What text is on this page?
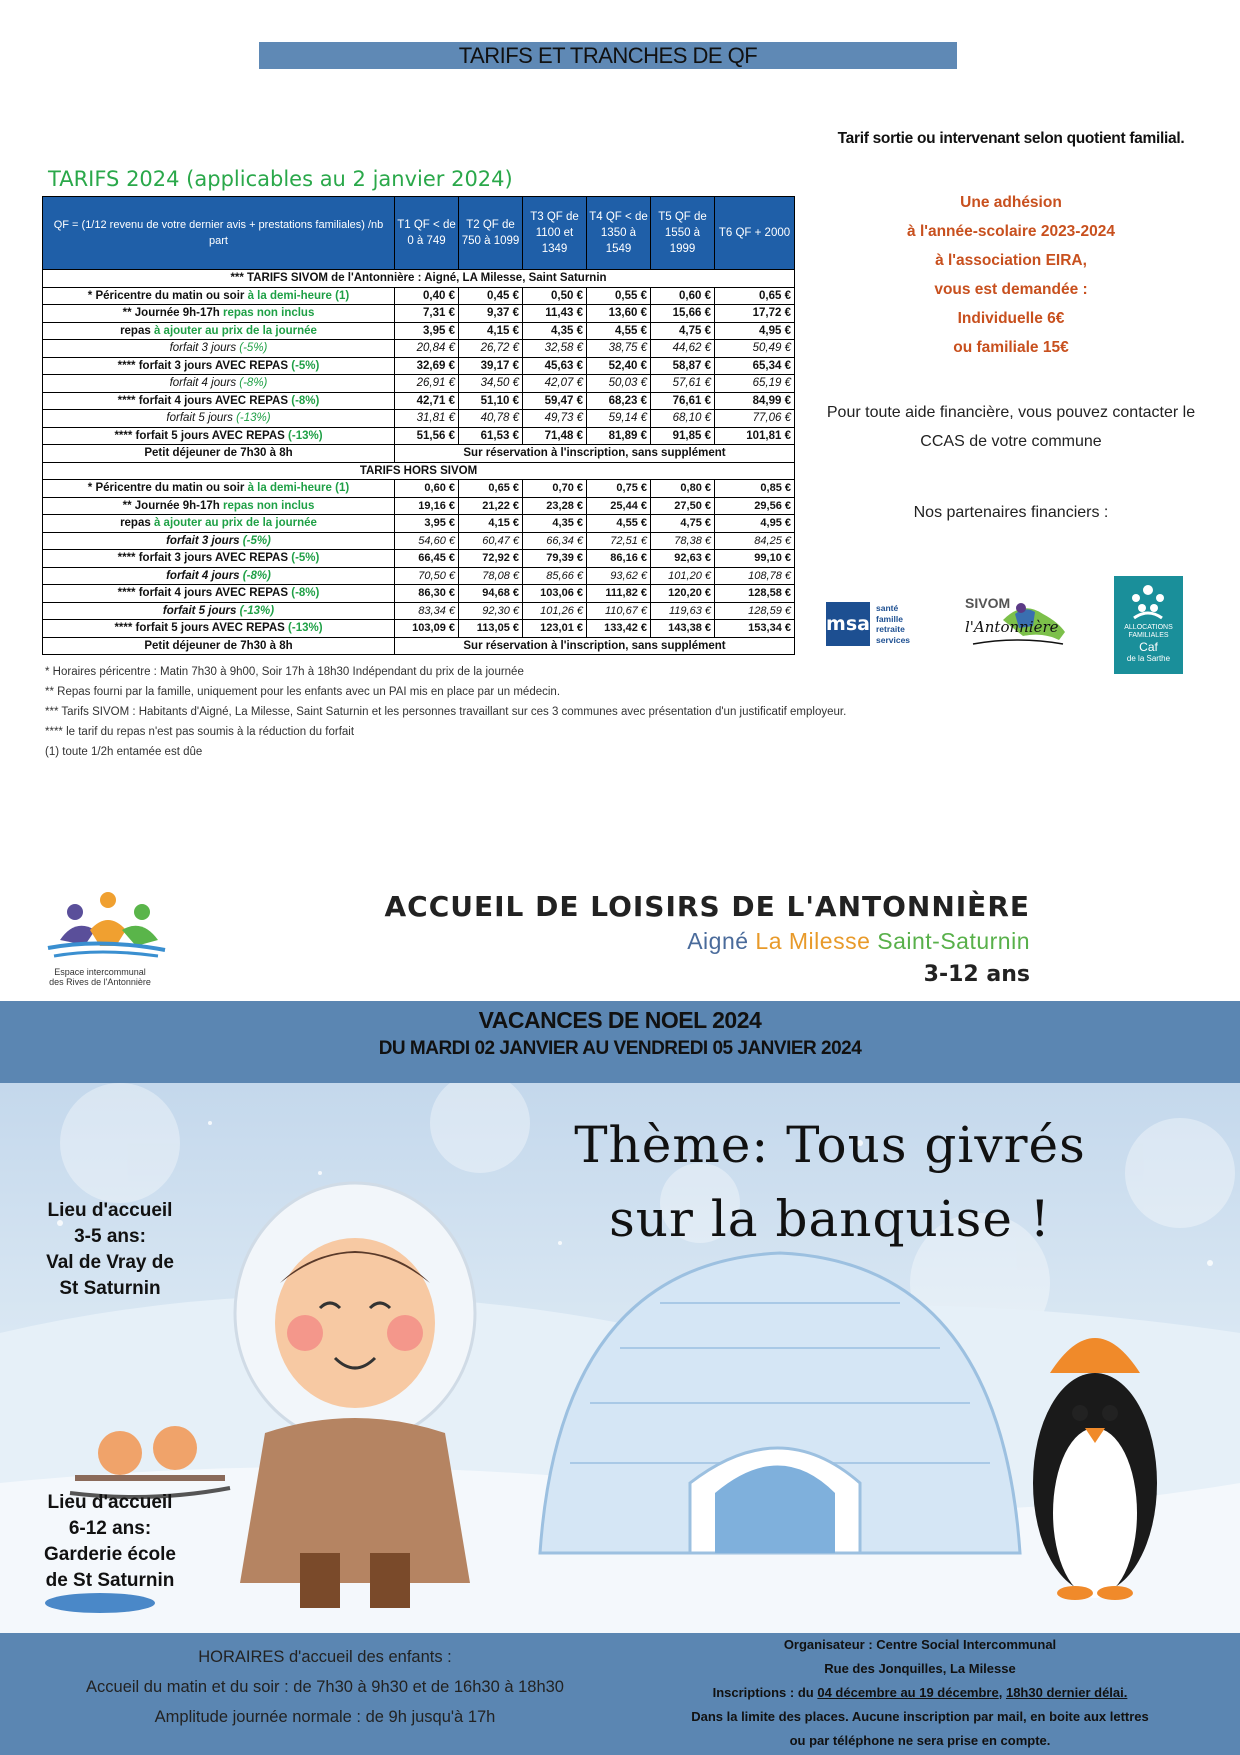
TARIFS ET TRANCHES DE QF
TARIFS 2024 (applicables au 2 janvier 2024)
QF = (1/12 revenu de votre dernier avis + prestations familiales) /nb part	T1 QF < de 0 à 749	T2 QF de 750 à 1099	T3 QF de 1100 et 1349	T4 QF < de 1350 à 1549	T5 QF de 1550 à 1999	T6 QF + 2000
*** TARIFS SIVOM de l'Antonnière : Aigné, LA Milesse, Saint Saturnin						
* Péricentre du matin ou soir à la demi-heure (1)	0,40 €	0,45 €	0,50 €	0,55 €	0,60 €	0,65 €
** Journée 9h-17h repas non inclus	7,31 €	9,37 €	11,43 €	13,60 €	15,66 €	17,72 €
repas à ajouter au prix de la journée	3,95 €	4,15 €	4,35 €	4,55 €	4,75 €	4,95 €
forfait 3 jours (-5%)	20,84 €	26,72 €	32,58 €	38,75 €	44,62 €	50,49 €
**** forfait 3 jours AVEC REPAS (-5%)	32,69 €	39,17 €	45,63 €	52,40 €	58,87 €	65,34 €
forfait 4 jours (-8%)	26,91 €	34,50 €	42,07 €	50,03 €	57,61 €	65,19 €
**** forfait 4 jours AVEC REPAS (-8%)	42,71 €	51,10 €	59,47 €	68,23 €	76,61 €	84,99 €
forfait 5 jours (-13%)	31,81 €	40,78 €	49,73 €	59,14 €	68,10 €	77,06 €
**** forfait 5 jours AVEC REPAS (-13%)	51,56 €	61,53 €	71,48 €	81,89 €	91,85 €	101,81 €
Petit déjeuner de 7h30 à 8h	Sur réservation à l'inscription, sans supplément					
TARIFS HORS SIVOM						
* Péricentre du matin ou soir à la demi-heure (1)	0,60 €	0,65 €	0,70 €	0,75 €	0,80 €	0,85 €
** Journée 9h-17h repas non inclus	19,16 €	21,22 €	23,28 €	25,44 €	27,50 €	29,56 €
repas à ajouter au prix de la journée	3,95 €	4,15 €	4,35 €	4,55 €	4,75 €	4,95 €
forfait 3 jours (-5%)	54,60 €	60,47 €	66,34 €	72,51 €	78,38 €	84,25 €
**** forfait 3 jours AVEC REPAS (-5%)	66,45 €	72,92 €	79,39 €	86,16 €	92,63 €	99,10 €
forfait 4 jours (-8%)	70,50 €	78,08 €	85,66 €	93,62 €	101,20 €	108,78 €
**** forfait 4 jours AVEC REPAS (-8%)	86,30 €	94,68 €	103,06 €	111,82 €	120,20 €	128,58 €
forfait 5 jours (-13%)	83,34 €	92,30 €	101,26 €	110,67 €	119,63 €	128,59 €
**** forfait 5 jours AVEC REPAS (-13%)	103,09 €	113,05 €	123,01 €	133,42 €	143,38 €	153,34 €
Petit déjeuner de 7h30 à 8h	Sur réservation à l'inscription, sans supplément					
* Horaires péricentre : Matin 7h30 à 9h00, Soir 17h à 18h30 Indépendant du prix de la journée
** Repas fourni par la famille, uniquement pour les enfants avec un PAI mis en place par un médecin.
*** Tarifs SIVOM : Habitants d'Aigné, La Milesse, Saint Saturnin et les personnes travaillant sur ces 3 communes avec présentation d'un justificatif employeur.
**** le tarif du repas n'est pas soumis à la réduction du forfait
(1) toute 1/2h entamée est dûe
Tarif sortie ou intervenant selon quotient familial.
Une adhésion
à l'année-scolaire 2023-2024
à l'association EIRA,
vous est demandée :
Individuelle 6€
ou familiale 15€
Pour toute aide financière, vous pouvez contacter le CCAS de votre commune
Nos partenaires financiers :
msa
santé
famille
retraite
services
SIVOM
l'Antonnière	ALLOCATIONS
FAMILIALES
Caf
de la Sarthe
Espace intercommunal
des Rives de l'Antonnière
ACCUEIL DE LOISIRS DE L'ANTONNIÈRE
Aigné La Milesse Saint-Saturnin
3-12 ans
VACANCES DE NOEL 2024
DU MARDI 02 JANVIER AU VENDREDI 05 JANVIER 2024
Thème: Tous givrés
sur la banquise !
Lieu d'accueil
3-5 ans:
Val de Vray de
St Saturnin
Lieu d'accueil
6-12 ans:
Garderie école
de St Saturnin
HORAIRES d'accueil des enfants :
Accueil du matin et du soir : de 7h30 à 9h30 et de 16h30 à 18h30
Amplitude journée normale : de 9h jusqu'à 17h
Organisateur : Centre Social Intercommunal
Rue des Jonquilles, La Milesse
Inscriptions : du 04 décembre au 19 décembre, 18h30 dernier délai.
Dans la limite des places. Aucune inscription par mail, en boite aux lettres
ou par téléphone ne sera prise en compte.
